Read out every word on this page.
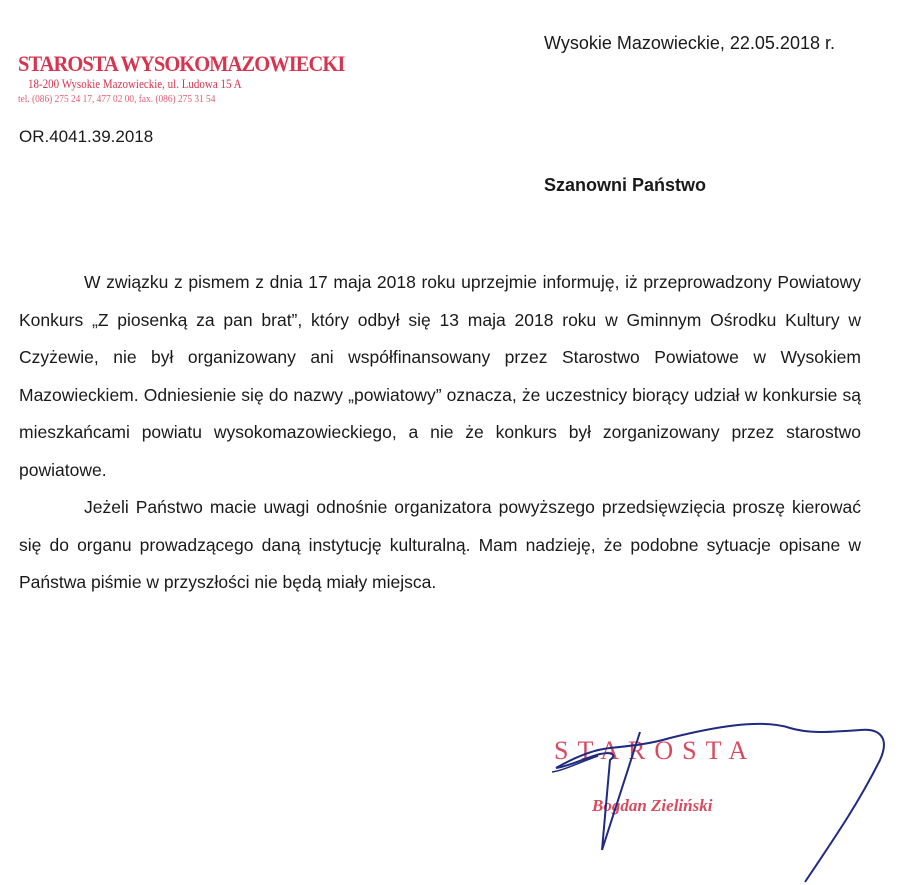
STAROSTA WYSOKOMAZOWIECKI
18-200 Wysokie Mazowieckie, ul. Ludowa 15 A
tel. (086) 275 24 17, 477 02 00, fax. (086) 275 31 54
OR.4041.39.2018
Wysokie Mazowieckie, 22.05.2018 r.
Szanowni Państwo

W związku z pismem z dnia 17 maja 2018 roku uprzejmie informuję, iż przeprowadzony Powiatowy Konkurs „Z piosenką za pan brat”, który odbył się 13 maja 2018 roku w Gminnym Ośrodku Kultury w Czyżewie, nie był organizowany ani współfinansowany przez Starostwo Powiatowe w Wysokiem Mazowieckiem. Odniesienie się do nazwy „powiatowy” oznacza, że uczestnicy biorący udział w konkursie są mieszkańcami powiatu wysokomazowieckiego, a nie że konkurs był zorganizowany przez starostwo powiatowe.

Jeżeli Państwo macie uwagi odnośnie organizatora powyższego przedsięwzięcia proszę kierować się do organu prowadzącego daną instytucję kulturalną. Mam nadzieję, że podobne sytuacje opisane w Państwa piśmie w przyszłości nie będą miały miejsca.

STAROSTA
Bogdan Zieliński
